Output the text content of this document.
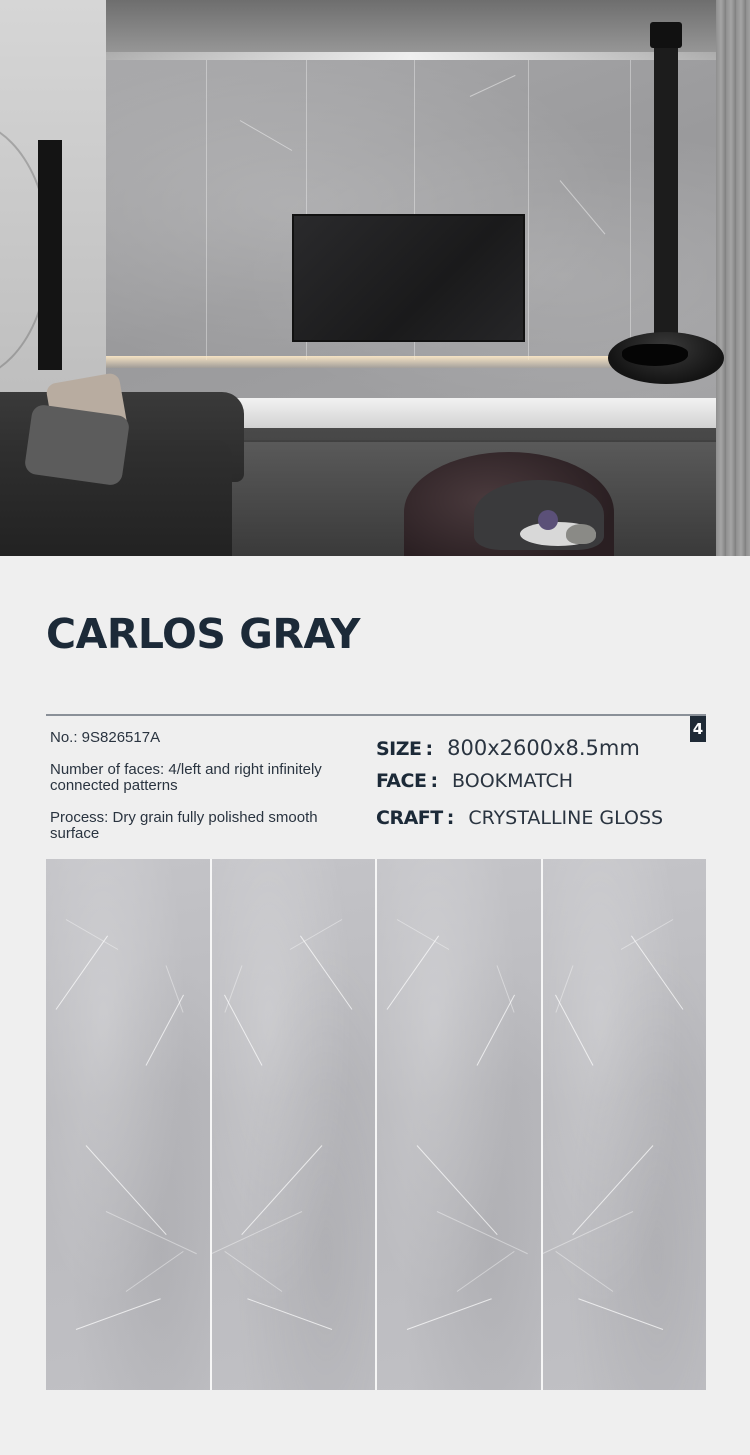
CARLOS GRAY
4
No.: 9S826517A
Number of faces: 4/left and right infinitely connected patterns
Process: Dry grain fully polished smooth surface
SIZE : 800x2600x8.5mm
FACE : BOOKMATCH
CRAFT : CRYSTALLINE GLOSS
